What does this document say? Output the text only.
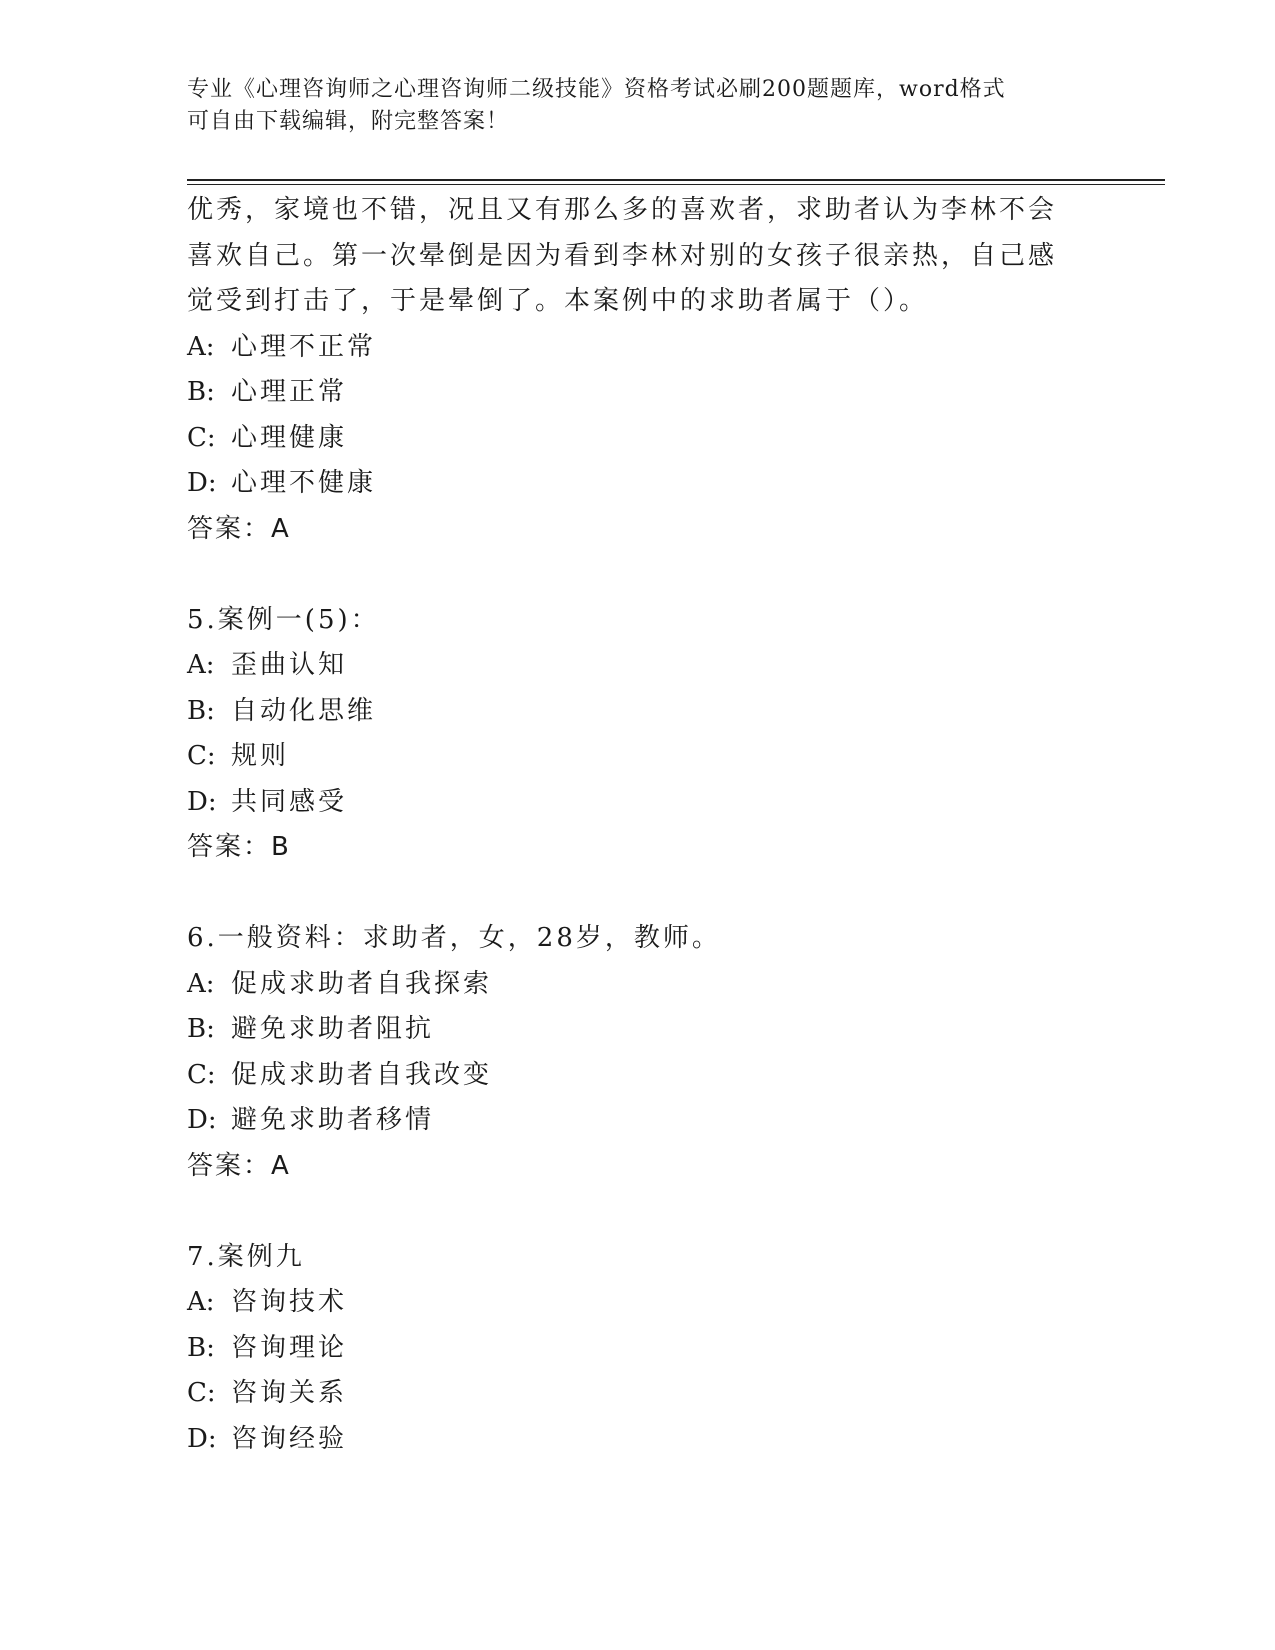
专业《心理咨询师之心理咨询师二级技能》资格考试必刷200题题库，word格式
可自由下载编辑，附完整答案！
优秀，家境也不错，况且又有那么多的喜欢者，求助者认为李林不会
喜欢自己。第一次晕倒是因为看到李林对别的女孩子很亲热，自己感
觉受到打击了，于是晕倒了。本案例中的求助者属于（）。
A: 心理不正常
B: 心理正常
C: 心理健康
D: 心理不健康
答案：A
5.案例一(5)：
A: 歪曲认知
B: 自动化思维
C: 规则
D: 共同感受
答案：B
6.一般资料：求助者，女，28岁，教师。
A: 促成求助者自我探索
B: 避免求助者阻抗
C: 促成求助者自我改变
D: 避免求助者移情
答案：A
7.案例九
A: 咨询技术
B: 咨询理论
C: 咨询关系
D: 咨询经验
